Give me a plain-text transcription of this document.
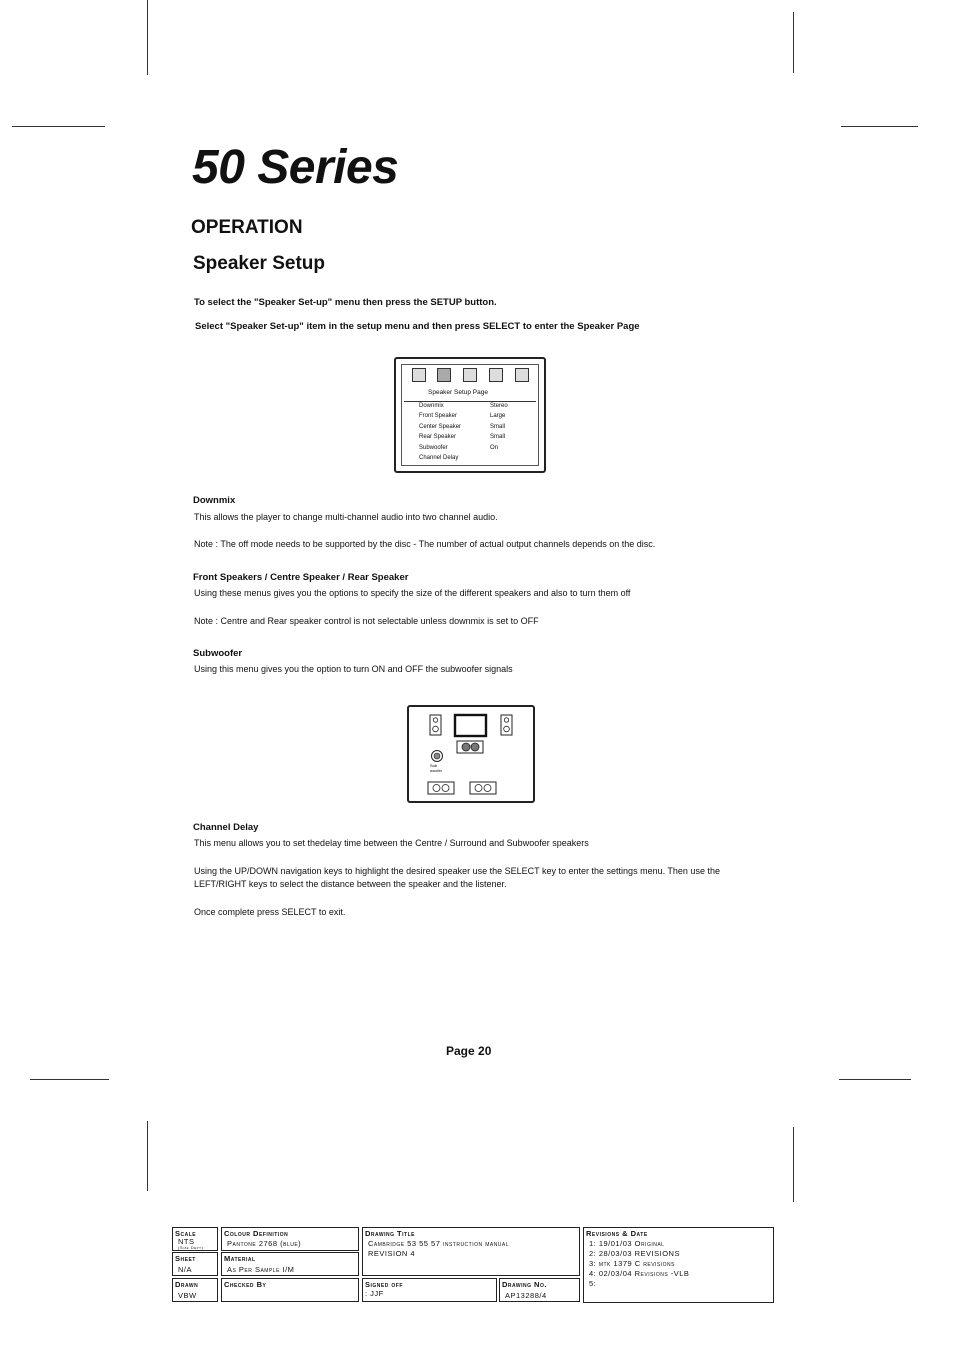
50 Series
OPERATION
Speaker Setup

To select the "Speaker Set-up" menu then press the SETUP button.

Select "Speaker Set-up" item in the setup menu and then press SELECT to enter the Speaker Page

Speaker Setup Page
Downmix	Stereo
Front Speaker	Large
Center Speaker	Small
Rear Speaker	Small
Subwoofer	On
Channel Delay

Downmix

This allows the player to change multi-channel audio into two channel audio.

Note : The off mode needs to be supported by the disc - The number of actual output channels depends on the disc.

Front Speakers / Centre Speaker / Rear Speaker

Using these menus gives you the options to specify the size of the different speakers and also to turn them off

Note : Centre and Rear speaker control is not selectable unless downmix is set to OFF

Subwoofer

Using this menu gives you the option to turn ON and OFF the subwoofer signals

Sub
woofer

Channel Delay

This menu allows you to set thedelay time between the Centre / Surround and Subwoofer speakers

Using the UP/DOWN navigation keys to highlight the desired speaker use the SELECT key to enter the settings menu. Then use the LEFT/RIGHT keys to select the distance between the speaker and the listener.

Once complete press SELECT to exit.

Page 20

Scale
NTS
(Size Dept)
Sheet
N/A
Drawn
VBW
Colour Definition
Pantone 2768 (blue)
Material
As Per Sample I/M
Checked By
Drawing Title
Cambridge 53 55 57 instruction manual
REVISION 4
Signed off
: JJF
Drawing No.
AP13288/4
Revisions & Date
1: 19/01/03 Original
2: 28/03/03 REVISIONS
3: mtk 1379 C revisions
4: 02/03/04 Revisions -VLB
5:
